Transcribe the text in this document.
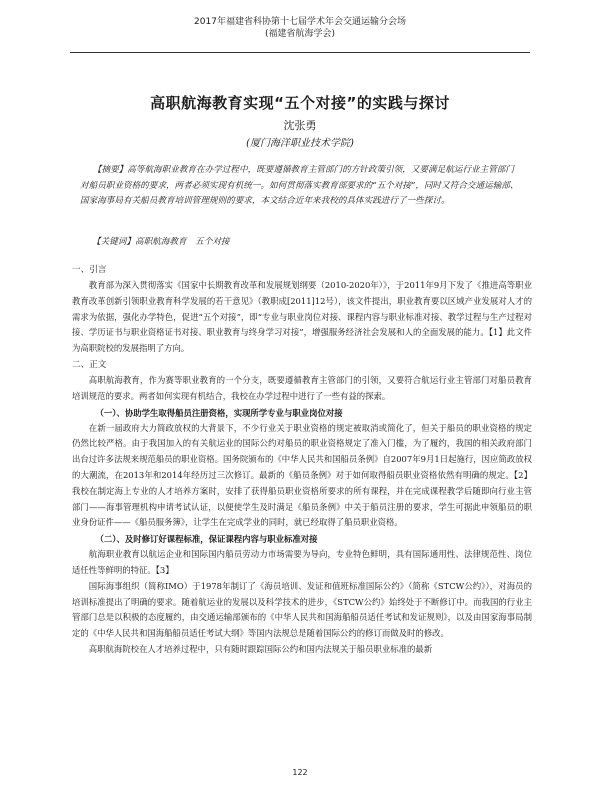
2017年福建省科协第十七届学术年会交通运输分会场
(福建省航海学会)
高职航海教育实现“五个对接”的实践与探讨
沈张勇
(厦门海洋职业技术学院)

【摘要】高等航海职业教育在办学过程中，既要遵循教育主管部门的方针政策引领，又要满足航运行业主管部门对船员职业资格的要求，两者必须实现有机统一。如何贯彻落实教育部要求的“五个对接”，同时又符合交通运输部、国家海事局有关船员教育培训管理规则的要求，本文结合近年来我校的具体实践进行了一些探讨。

【关键词】高职航海教育　五个对接
一、引言

教育部为深入贯彻落实《国家中长期教育改革和发展规划纲要（2010-2020年）》，于2011年9月下发了《推进高等职业教育改革创新引领职业教育科学发展的若干意见》（教职成[2011]12号），该文件提出，职业教育要以区域产业发展对人才的需求为依据，强化办学特色，促进“五个对接”，即“专业与职业岗位对接、课程内容与职业标准对接、教学过程与生产过程对接、学历证书与职业资格证书对接、职业教育与终身学习对接”，增强服务经济社会发展和人的全面发展的能力。【1】此文件为高职院校的发展指明了方向。

二、正文

高职航海教育，作为赛等职业教育的一个分支，既要遵循教育主管部门的引领，又要符合航运行业主管部门对船员教育培训规范的要求。两者如何实现有机结合，我校在办学过程中进行了一些有益的探索。

（一）、协助学生取得船员注册资格，实现所学专业与职业岗位对接

在新一届政府大力简政放权的大背景下，不少行业关于职业资格的规定被取消或简化了，但关于船员的职业资格的规定仍然比较严格。由于我国加入的有关航运业的国际公约对船员的职业资格规定了准入门槛，为了履约，我国的相关政府部门出台过许多法规来规范船员的职业资格。国务院颁布的《中华人民共和国船员条例》自2007年9月1日起施行，因应简政放权的大潮流，在2013年和2014年经历过三次修订。最新的《船员条例》对于如何取得船员职业资格依然有明确的规定。【2】我校在制定海上专业的人才培养方案时，安排了获得船员职业资格所要求的所有课程，并在完成课程教学后随即向行业主管部门——海事管理机构申请考试认证，以便使学生及时满足《船员条例》中关于船员注册的要求，学生可据此申领船员的职业身份证件——《船员服务簿》，让学生在完成学业的同时，就已经取得了船员职业资格。

（二）、及时修订好课程标准，保证课程内容与职业标准对接

航海职业教育以航运企业和国际国内船员劳动力市场需要为导向，专业特色鲜明，具有国际通用性、法律规范性、岗位适任性等鲜明的特征。【3】

国际海事组织（简称IMO）于1978年制订了《海员培训、发证和值班标准国际公约》（简称《STCW公约》），对海员的培训标准提出了明确的要求。随着航运业的发展以及科学技术的进步，《STCW公约》始终处于不断修订中。而我国的行业主管部门总是以积极的态度履约，由交通运输部颁布的《中华人民共和国海船船员适任考试和发证规则》，以及由国家海事局制定的《中华人民共和国海船船员适任考试大纲》等国内法规总是随着国际公约的修订而做及时的修改。

高职航海院校在人才培养过程中，只有随时跟踪国际公约和国内法规关于船员职业标准的最新

122
